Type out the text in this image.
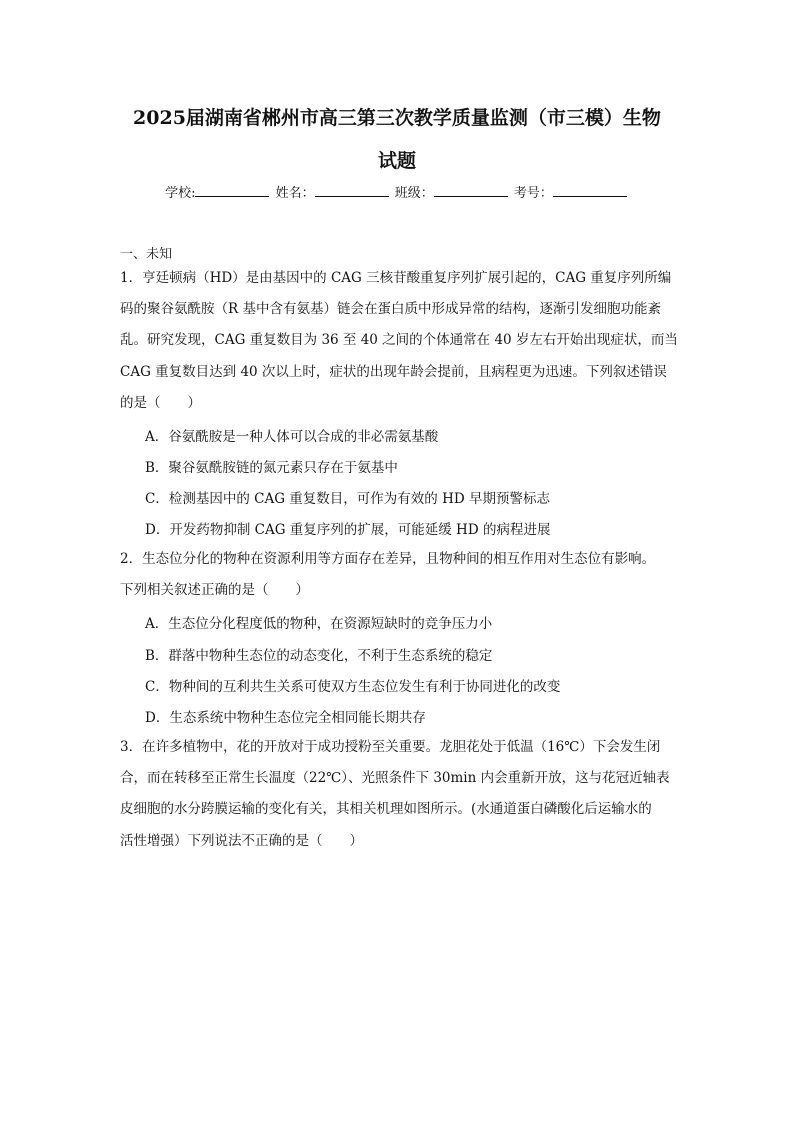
2025届湖南省郴州市高三第三次教学质量监测（市三模）生物
试题
学校:	姓名：	班级：	考号：
一、未知
1．亨廷顿病（HD）是由基因中的 CAG 三核苷酸重复序列扩展引起的，CAG 重复序列所编
码的聚谷氨酰胺（R 基中含有氨基）链会在蛋白质中形成异常的结构，逐渐引发细胞功能紊
乱。研究发现，CAG 重复数目为 36 至 40 之间的个体通常在 40 岁左右开始出现症状，而当
CAG 重复数目达到 40 次以上时，症状的出现年龄会提前，且病程更为迅速。下列叙述错误
的是（　　）
A．谷氨酰胺是一种人体可以合成的非必需氨基酸
B．聚谷氨酰胺链的氮元素只存在于氨基中
C．检测基因中的 CAG 重复数目，可作为有效的 HD 早期预警标志
D．开发药物抑制 CAG 重复序列的扩展，可能延缓 HD 的病程进展
2．生态位分化的物种在资源利用等方面存在差异，且物种间的相互作用对生态位有影响。
下列相关叙述正确的是（　　）
A．生态位分化程度低的物种，在资源短缺时的竞争压力小
B．群落中物种生态位的动态变化，不利于生态系统的稳定
C．物种间的互利共生关系可使双方生态位发生有利于协同进化的改变
D．生态系统中物种生态位完全相同能长期共存
3．在许多植物中，花的开放对于成功授粉至关重要。龙胆花处于低温（16℃）下会发生闭
合，而在转移至正常生长温度（22℃）、光照条件下 30min 内会重新开放，这与花冠近轴表
皮细胞的水分跨膜运输的变化有关，其相关机理如图所示。(水通道蛋白磷酸化后运输水的
活性增强）下列说法不正确的是（　　）
